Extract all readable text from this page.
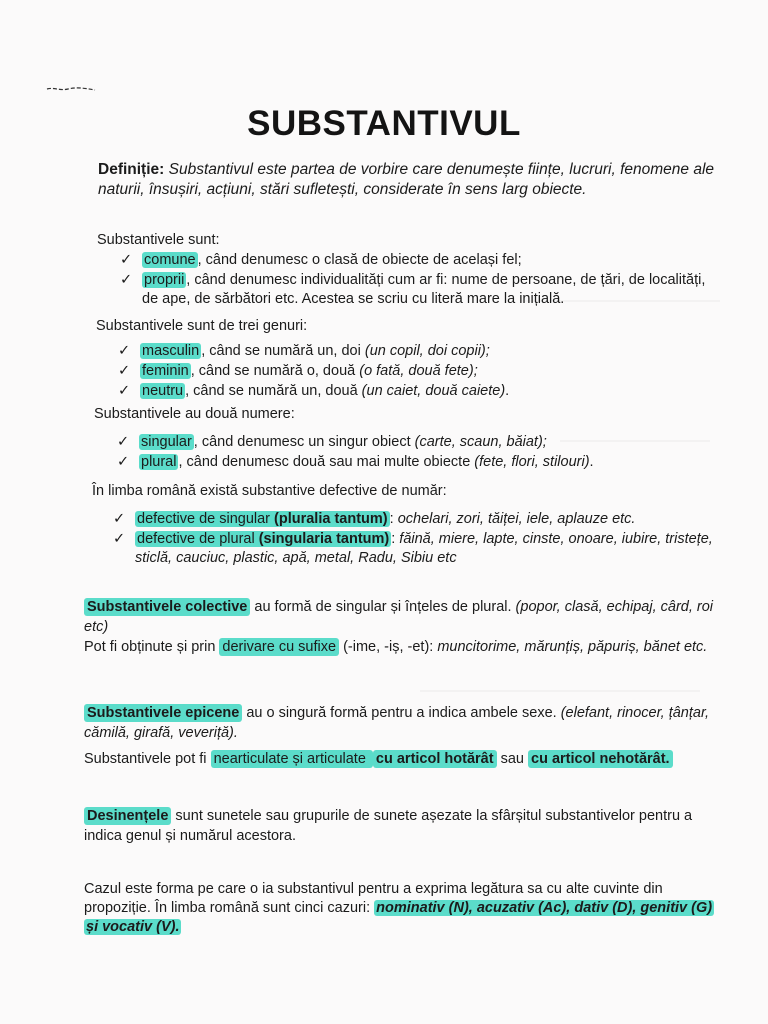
SUBSTANTIVUL
Definiție: Substantivul este partea de vorbire care denumește ființe, lucruri, fenomene ale naturii, însușiri, acțiuni, stări sufletești, considerate în sens larg obiecte.
Substantivele sunt:
✓ comune , când denumesc o clasă de obiecte de același fel;
✓ proprii , când denumesc individualități cum ar fi: nume de persoane, de țări, de localități, de ape, de sărbători etc. Acestea se scriu cu literă mare la inițială.
Substantivele sunt de trei genuri:
✓ masculin , când se numără un, doi (un copil, doi copii);
✓ feminin , când se numără o, două (o fată, două fete);
✓ neutru , când se numără un, două (un caiet, două caiete).
Substantivele au două numere:
✓ singular , când denumesc un singur obiect (carte, scaun, băiat);
✓ plural , când denumesc două sau mai multe obiecte (fete, flori, stilouri).
În limba română există substantive defective de număr:
✓ defective de singular (pluralia tantum) : ochelari, zori, tăiței, iele, aplauze etc.
✓ defective de plural (singularia tantum) : făină, miere, lapte, cinste, onoare, iubire, tristețe, sticlă, cauciuc, plastic, apă, metal, Radu, Sibiu etc
Substantivele colective au formă de singular și înțeles de plural. (popor, clasă, echipaj, cârd, roi etc)
Pot fi obținute și prin derivare cu sufixe (-ime, -iș, -et): muncitorime, mărunțiș, păpuriș, bănet etc.
Substantivele epicene au o singură formă pentru a indica ambele sexe. (elefant, rinocer, țânțar, cămilă, girafă, veveriță).
Substantivele pot fi nearticulate și articulate cu articol hotărât sau cu articol nehotărât.
Desinențele sunt sunetele sau grupurile de sunete așezate la sfârșitul substantivelor pentru a indica genul și numărul acestora.
Cazul este forma pe care o ia substantivul pentru a exprima legătura sa cu alte cuvinte din propoziție. În limba română sunt cinci cazuri: nominativ (N), acuzativ (Ac), dativ (D), genitiv (G) și vocativ (V).
